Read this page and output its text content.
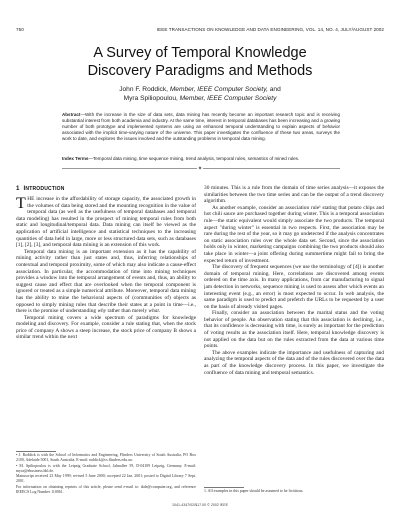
750	IEEE TRANSACTIONS ON KNOWLEDGE AND DATA ENGINEERING, VOL. 14, NO. 4, JULY/AUGUST 2002
A Survey of Temporal Knowledge
Discovery Paradigms and Methods
John F. Roddick, Member, IEEE Computer Society, and
Myra Spiliopoulou, Member, IEEE Computer Society
Abstract—With the increase in the size of data sets, data mining has recently become an important research topic and is receiving substantial interest from both academia and industry. At the same time, interest in temporal databases has been increasing and a growing number of both prototype and implemented systems are using an enhanced temporal understanding to explain aspects of behavior associated with the implicit time-varying nature of the universe. This paper investigates the confluence of these two areas, surveys the work to date, and explores the issues involved and the outstanding problems in temporal data mining.
Index Terms—Temporal data mining, time sequence mining, trend analysis, temporal rules, semantics of mined rules.
◆
1 INTRODUCTION

THE increase in the affordability of storage capacity, the associated growth in the volumes of data being stored and the mounting recognition in the value of temporal data (as well as the usefulness of temporal databases and temporal data modeling) has resulted in the prospect of mining temporal rules from both static and longitudinal/temporal data. Data mining can itself be viewed as the application of artificial intelligence and statistical techniques to the increasing quantities of data held in large, more or less structured data sets, such as databases [1], [2], [3], and temporal data mining is an extension of this work.

Temporal data mining is an important extension as it has the capability of mining activity rather than just states and, thus, inferring relationships of contextual and temporal proximity, some of which may also indicate a cause-effect association. In particular, the accommodation of time into mining techniques provides a window into the temporal arrangement of events and, thus, an ability to suggest cause and effect that are overlooked when the temporal component is ignored or treated as a simple numerical attribute. Moreover, temporal data mining has the ability to mine the behavioral aspects of (communities of) objects as opposed to simply mining rules that describe their states at a point in time—i.e., there is the promise of understanding why rather than merely what.

Temporal mining covers a wide spectrum of paradigms for knowledge modeling and discovery. For example, consider a rule stating that, when the stock price of company A shows a steep increase, the stock price of company B shows a similar trend within the next

• J. Roddick is with the School of Informatics and Engineering, Flinders University of South Australia, PO Box 2100, Adelaide 5001, South Australia. E-mail: roddick@cs.flinders.edu.au.

• M. Spiliopoulou is with the Leipzig Graduate School, Jahnallee 59, D-04109 Leipzig, Germany. E-mail: myra@ebusiness.hhl.de.

Manuscript received 23 May 1999; revised 5 June 2000; accepted 22 Jan. 2001; posted to Digital Library 7 Sept. 2001.

For information on obtaining reprints of this article, please send e-mail to: tkde@computer.org, and reference IEEECS Log Number 110061.

30 minutes. This is a rule from the domain of time series analysis—it exposes the similarities between the two time series and can be the output of a trend discovery algorithm.

As another example, consider an association rule¹ stating that potato chips and hot chili sauce are purchased together during winter. This is a temporal association rule—the static equivalent would simply associate the two products. The temporal aspect "during winter" is essential in two respects. First, the association may be rare during the rest of the year, so it may go undetected if the analysis concentrates on static association rules over the whole data set. Second, since the association holds only in winter, marketing campaigns combining the two products should also take place in winter—a joint offering during summertime might fail to bring the expected return of investment.

The discovery of frequent sequences (we use the terminology of [4]) is another domain of temporal mining. Here, correlations are discovered among events ordered on the time axis. In many applications, from car manufacturing to signal jam detection in networks, sequence mining is used to assess after which events an interesting event (e.g., an error) is most expected to occur. In web analysis, the same paradigm is used to predict and prefetch the URLs to be requested by a user on the basis of already visited pages.

Finally, consider an association between the marital status and the voting behavior of people. An observation stating that this association is declining, i.e., that its confidence is decreasing with time, is surely as important for the prediction of voting results as the association itself. Here, temporal knowledge discovery is not applied on the data but on the rules extracted from the data at various time points.

The above examples indicate the importance and usefulness of capturing and analyzing the temporal aspects of the data and of the rules discovered over the data as part of the knowledge discovery process. In this paper, we investigate the confluence of data mining and temporal semantics.

1. All examples in this paper should be assumed to be fictitious.
1041-4347/02/$17.00 © 2002 IEEE
